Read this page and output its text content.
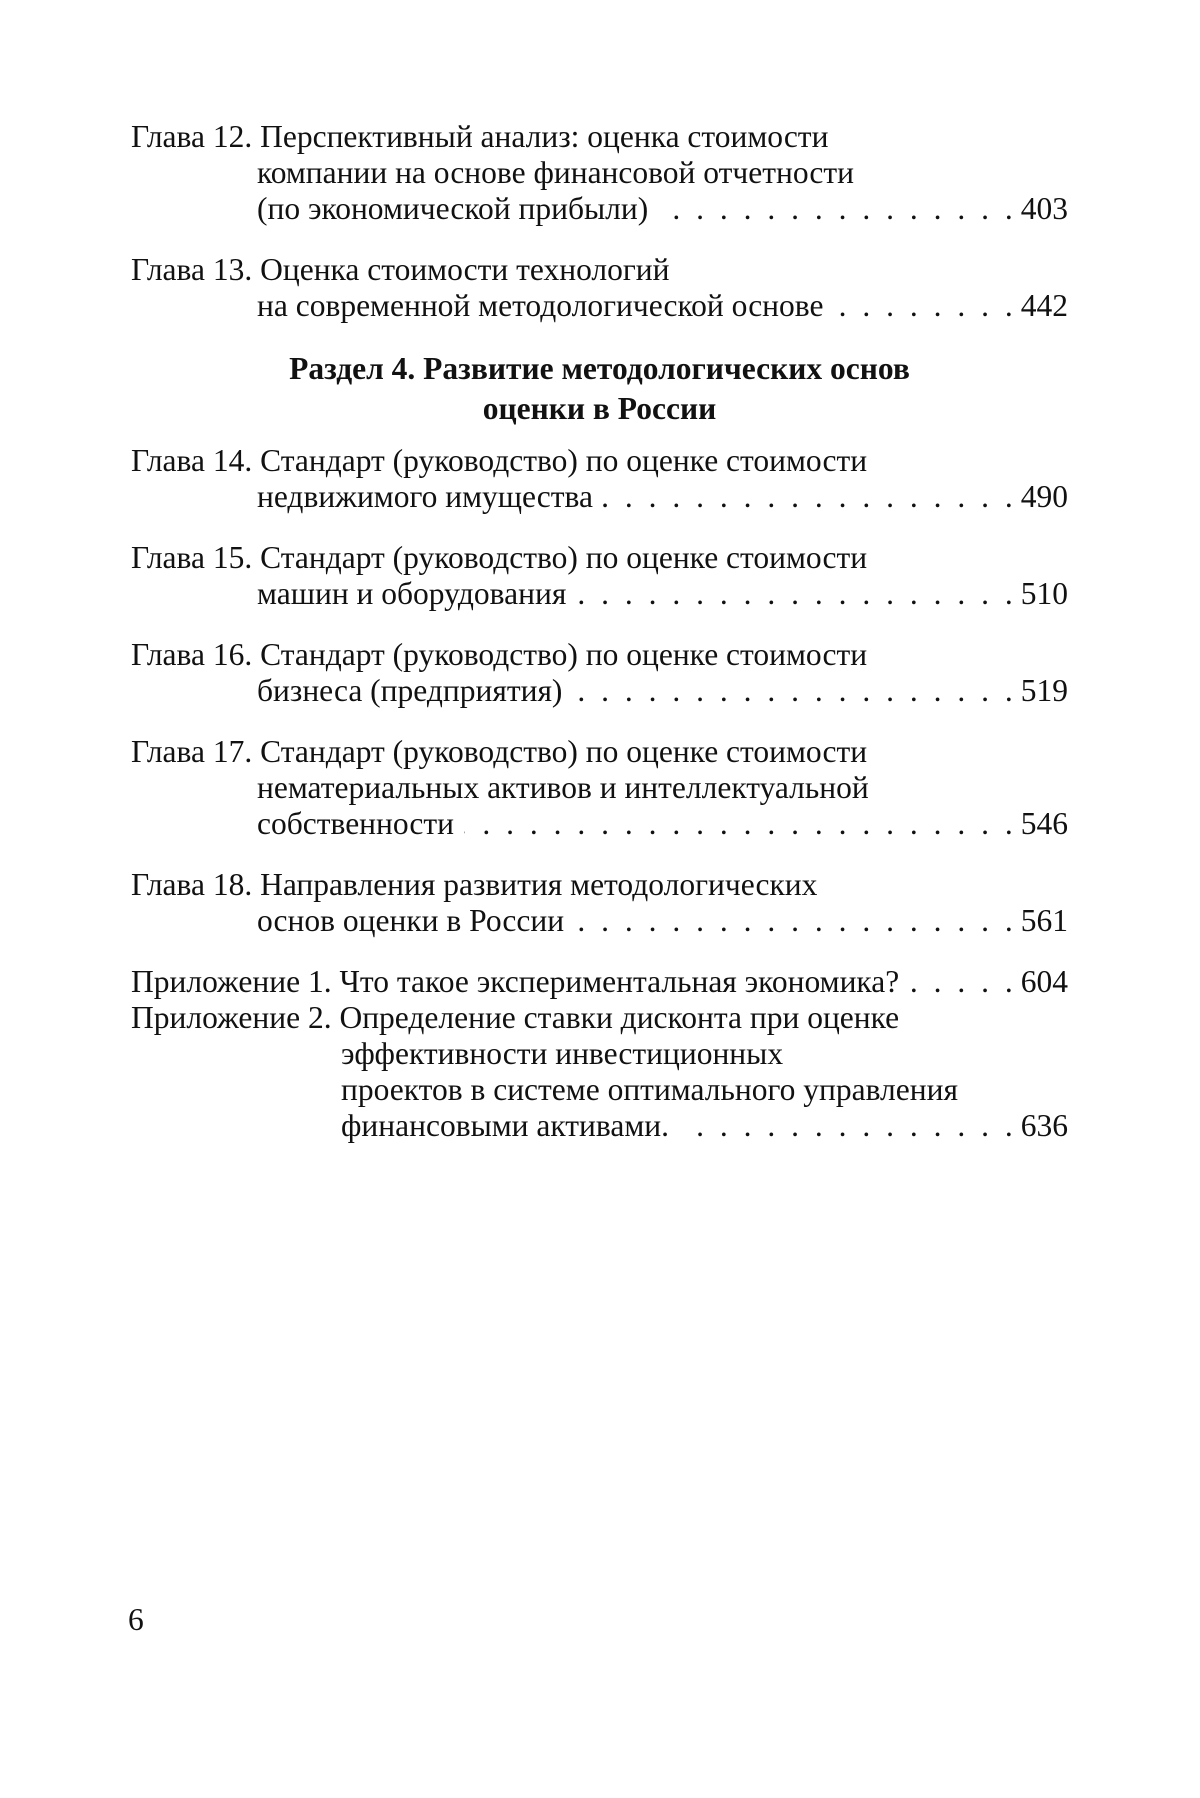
Глава 12.
Перспективный анализ: оценка стоимости
компании на основе финансовой отчетности
(по экономической прибыли) . . .	403
Глава 13.
Оценка стоимости технологий
на современной методологической основе . . .	442
Раздел 4. Развитие методологических основ
оценки в России
Глава 14.
Стандарт (руководство) по оценке стоимости
недвижимого имущества . . .	490
Глава 15.
Стандарт (руководство) по оценке стоимости
машин и оборудования . . .	510
Глава 16.
Стандарт (руководство) по оценке стоимости
бизнеса (предприятия) . . .	519
Глава 17.
Стандарт (руководство) по оценке стоимости
нематериальных активов и интеллектуальной
собственности . . .	546
Глава 18.
Направления развития методологических
основ оценки в России . . .	561
Приложение 1.
Что такое экспериментальная экономика? . . .	604
Приложение 2.
Определение ставки дисконта при оценке
эффективности инвестиционных
проектов в системе оптимального управления
финансовыми активами. . . .	636
6
